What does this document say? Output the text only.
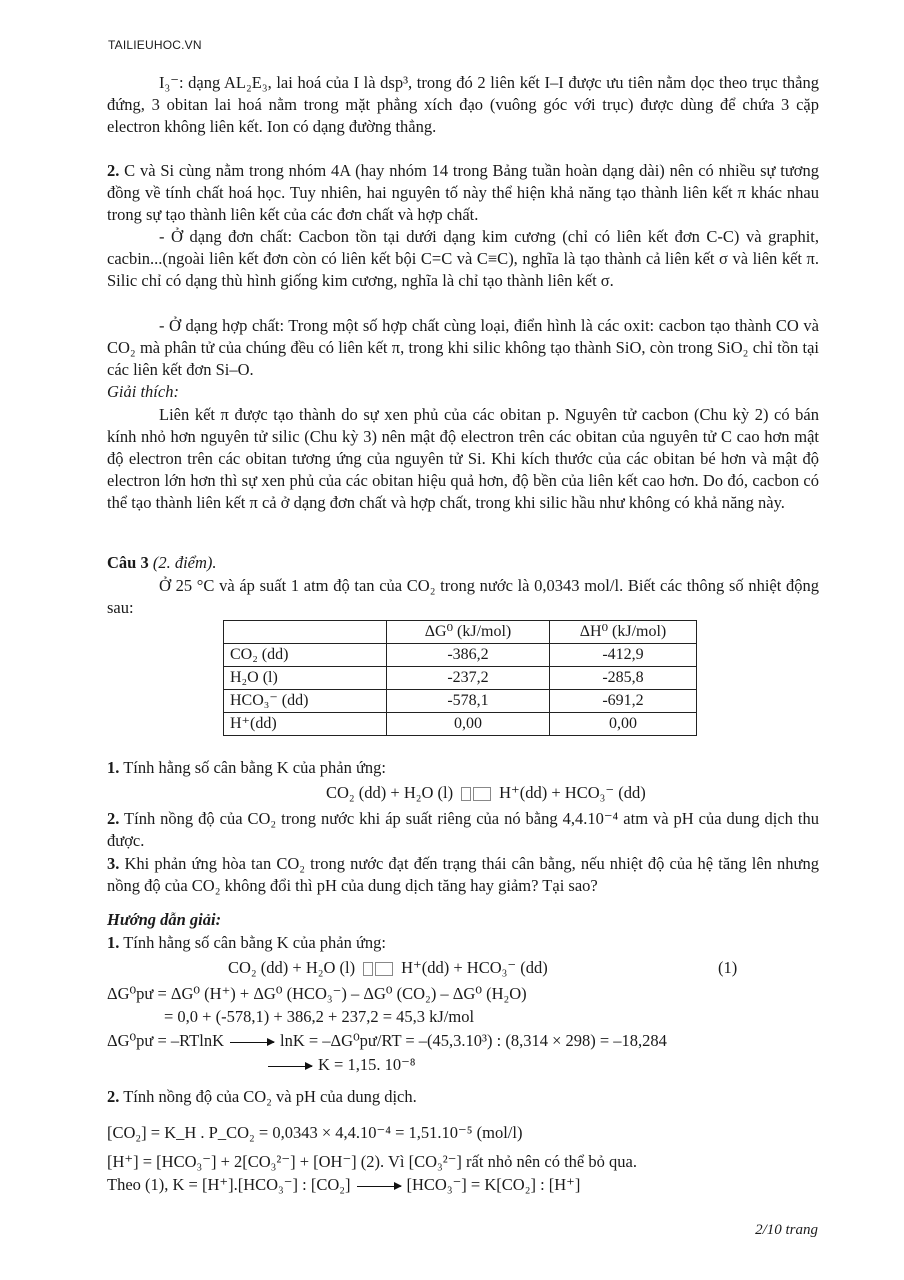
TAILIEUHOC.VN

I₃⁻: dạng AL₂E₃, lai hoá của I là dsp³, trong đó 2 liên kết I–I được ưu tiên nằm dọc theo trục thẳng đứng, 3 obitan lai hoá nằm trong mặt phẳng xích đạo (vuông góc với trục) được dùng để chứa 3 cặp electron không liên kết. Ion có dạng đường thẳng.

2. C và Si cùng nằm trong nhóm 4A (hay nhóm 14 trong Bảng tuần hoàn dạng dài) nên có nhiều sự tương đồng về tính chất hoá học. Tuy nhiên, hai nguyên tố này thể hiện khả năng tạo thành liên kết π khác nhau trong sự tạo thành liên kết của các đơn chất và hợp chất.

- Ở dạng đơn chất: Cacbon tồn tại dưới dạng kim cương (chỉ có liên kết đơn C-C) và graphit, cacbin...(ngoài liên kết đơn còn có liên kết bội C=C và C≡C), nghĩa là tạo thành cả liên kết σ và liên kết π. Silic chỉ có dạng thù hình giống kim cương, nghĩa là chỉ tạo thành liên kết σ.

- Ở dạng hợp chất: Trong một số hợp chất cùng loại, điển hình là các oxit: cacbon tạo thành CO và CO₂ mà phân tử của chúng đều có liên kết π, trong khi silic không tạo thành SiO, còn trong SiO₂ chỉ tồn tại các liên kết đơn Si–O.

Giải thích:

Liên kết π được tạo thành do sự xen phủ của các obitan p. Nguyên tử cacbon (Chu kỳ 2) có bán kính nhỏ hơn nguyên tử silic (Chu kỳ 3) nên mật độ electron trên các obitan của nguyên tử C cao hơn mật độ electron trên các obitan tương ứng của nguyên tử Si. Khi kích thước của các obitan bé hơn và mật độ electron lớn hơn thì sự xen phủ của các obitan hiệu quả hơn, độ bền của liên kết cao hơn. Do đó, cacbon có thể tạo thành liên kết π cả ở dạng đơn chất và hợp chất, trong khi silic hầu như không có khả năng này.

Câu 3 (2. điểm).

Ở 25 °C và áp suất 1 atm độ tan của CO₂ trong nước là 0,0343 mol/l. Biết các thông số nhiệt động sau:

	ΔG⁰ (kJ/mol)	ΔH⁰ (kJ/mol)
CO₂ (dd)	-386,2	-412,9
H₂O (l)	-237,2	-285,8
HCO₃⁻ (dd)	-578,1	-691,2
H⁺(dd)	0,00	0,00

1. Tính hằng số cân bằng K của phản ứng:

CO₂ (dd) + H₂O (l)	H⁺(dd) + HCO₃⁻ (dd)

2. Tính nồng độ của CO₂ trong nước khi áp suất riêng của nó bằng 4,4.10⁻⁴ atm và pH của dung dịch thu được.

3. Khi phản ứng hòa tan CO₂ trong nước đạt đến trạng thái cân bằng, nếu nhiệt độ của hệ tăng lên nhưng nồng độ của CO₂ không đổi thì pH của dung dịch tăng hay giảm? Tại sao?

Hướng dẫn giải:

1. Tính hằng số cân bằng K của phản ứng:

CO₂ (dd) + H₂O (l)	H⁺(dd) + HCO₃⁻ (dd)	(1)

ΔG⁰pư = ΔG⁰ (H⁺) + ΔG⁰ (HCO₃⁻) – ΔG⁰ (CO₂) – ΔG⁰ (H₂O)

= 0,0 + (-578,1) + 386,2 + 237,2 = 45,3 kJ/mol

ΔG⁰pư = –RTlnK	lnK = –ΔG⁰pư/RT = –(45,3.10³) : (8,314 × 298) = –18,284

K = 1,15. 10⁻⁸

2. Tính nồng độ của CO₂ và pH của dung dịch.

[CO₂] = K_H . P_CO₂ = 0,0343 × 4,4.10⁻⁴ = 1,51.10⁻⁵ (mol/l)

[H⁺] = [HCO₃⁻] + 2[CO₃²⁻] + [OH⁻] (2). Vì [CO₃²⁻] rất nhỏ nên có thể bỏ qua.

Theo (1), K = [H⁺].[HCO₃⁻] : [CO₂]	[HCO₃⁻] = K[CO₂] : [H⁺]

2/10 trang
